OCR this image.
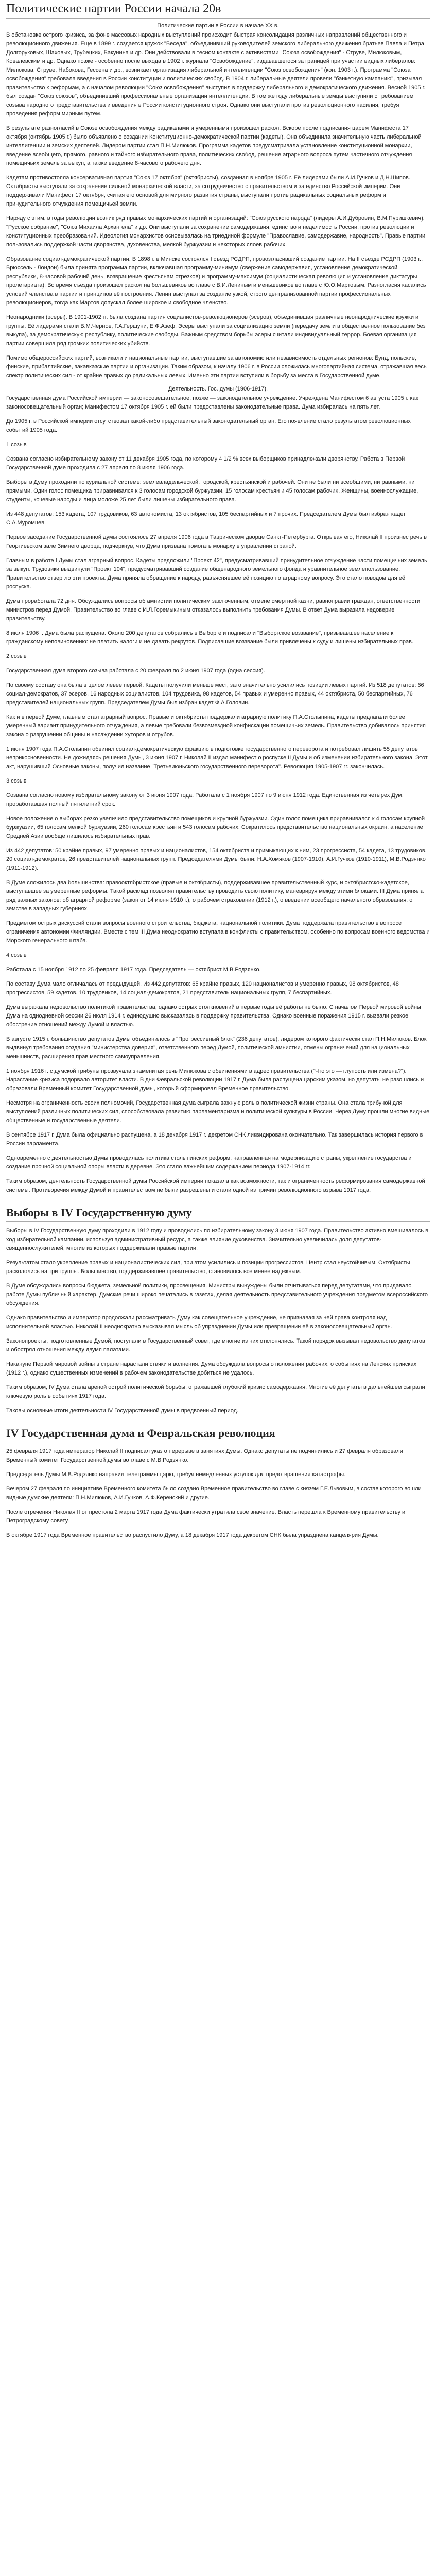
Политические партии России начала 20в
Политические партии в России в начале XX в.

В обстановке острого кризиса, за фоне массовых народных выступлений происходит быстрая консолидация различных направлений общественного и революционного движения. Еще в 1899 г. создается кружок "Беседа", объединивший руководителей земского либерального движения братьев Павла и Петра Долгоруковых, Шаховых, Трубецких, Бакунина и др. Они действовали в тесном контакте с активистами "Союза освобождения" - Струве, Милюковым, Ковалевским и др. Однако позже - особенно после выхода в 1902 г. журнала "Освобождение", издававшегося за границей при участии видных либералов: Милюкова, Струве, Набокова, Гессена и др., возникает организация либеральной интеллигенции "Союз освобождения" (кон. 1903 г.). Программа "Союза освобождения" требовала введения в России конституции и политических свобод. В 1904 г. либеральные деятели провели "банкетную кампанию", призывая правительство к реформам, а с началом революции "Союз освобождения" выступил в поддержку либерального и демократического движения. Весной 1905 г. был создан "Союз союзов", объединивший профессиональные организации интеллигенции. В том же году либеральные земцы выступили с требованием созыва народного представительства и введения в России конституционного строя. Однако они выступали против революционного насилия, требуя проведения реформ мирным путем.

В результате разногласий в Союзе освобождения между радикалами и умеренными произошел раскол. Вскоре после подписания царем Манифеста 17 октября (октябрь 1905 г.) было объявлено о создании Конституционно-демократической партии (кадеты). Она объединила значительную часть либеральной интеллигенции и земских деятелей. Лидером партии стал П.Н.Милюков. Программа кадетов предусматривала установление конституционной монархии, введение всеобщего, прямого, равного и тайного избирательного права, политических свобод, решение аграрного вопроса путем частичного отчуждения помещичьих земель за выкуп, а также введение 8-часового рабочего дня.

Кадетам противостояла консервативная партия "Союз 17 октября" (октябристы), созданная в ноябре 1905 г. Её лидерами были А.И.Гучков и Д.Н.Шипов. Октябристы выступали за сохранение сильной монархической власти, за сотрудничество с правительством и за единство Российской империи. Они поддерживали Манифест 17 октября, считая его основой для мирного развития страны, выступали против радикальных социальных реформ и принудительного отчуждения помещичьей земли.

Наряду с этим, в годы революции возник ряд правых монархических партий и организаций: "Союз русского народа" (лидеры А.И.Дубровин, В.М.Пуришкевич), "Русское собрание", "Союз Михаила Архангела" и др. Они выступали за сохранение самодержавия, единство и неделимость России, против революции и конституционных преобразований. Идеология монархистов основывалась на триединой формуле "Православие, самодержавие, народность". Правые партии пользовались поддержкой части дворянства, духовенства, мелкой буржуазии и некоторых слоев рабочих.

Образование социал-демократической партии. В 1898 г. в Минске состоялся I съезд РСДРП, провозгласивший создание партии. На II съезде РСДРП (1903 г., Брюссель - Лондон) была принята программа партии, включавшая программу-минимум (свержение самодержавия, установление демократической республики, 8-часовой рабочий день, возвращение крестьянам отрезков) и программу-максимум (социалистическая революция и установление диктатуры пролетариата). Во время съезда произошел раскол на большевиков во главе с В.И.Лениным и меньшевиков во главе с Ю.О.Мартовым. Разногласия касались условий членства в партии и принципов её построения. Ленин выступал за создание узкой, строго централизованной партии профессиональных революционеров, тогда как Мартов допускал более широкое и свободное членство.

Неонародники (эсеры). В 1901-1902 гг. была создана партия социалистов-революционеров (эсеров), объединившая различные неонароднические кружки и группы. Её лидерами стали В.М.Чернов, Г.А.Гершуни, Е.Ф.Азеф. Эсеры выступали за социализацию земли (передачу земли в общественное пользование без выкупа), за демократическую республику, политические свободы. Важным средством борьбы эсеры считали индивидуальный террор. Боевая организация партии совершила ряд громких политических убийств.

Помимо общероссийских партий, возникали и национальные партии, выступавшие за автономию или независимость отдельных регионов: Бунд, польские, финские, прибалтийские, закавказские партии и организации. Таким образом, к началу 1906 г. в России сложилась многопартийная система, отражавшая весь спектр политических сил - от крайне правых до радикальных левых. Именно эти партии вступили в борьбу за места в Государственной думе.

Деятельность. Гос. думы (1906-1917).

Государственная дума Российской империи — законосовещательное, позже — законодательное учреждение. Учреждена Манифестом 6 августа 1905 г. как законосовещательный орган; Манифестом 17 октября 1905 г. ей были предоставлены законодательные права. Дума избиралась на пять лет.

До 1905 г. в Российской империи отсутствовал какой-либо представительный законодательный орган. Его появление стало результатом революционных событий 1905 года.

1 созыв

Созвана согласно избирательному закону от 11 декабря 1905 года, по которому 4 1/2 % всех выборщиков принадлежали дворянству. Работа в Первой Государственной думе проходила с 27 апреля по 8 июля 1906 года.

Выборы в Думу проходили по куриальной системе: землевладельческой, городской, крестьянской и рабочей. Они не были ни всеобщими, ни равными, ни прямыми. Один голос помещика приравнивался к 3 голосам городской буржуазии, 15 голосам крестьян и 45 голосам рабочих. Женщины, военнослужащие, студенты, кочевые народы и лица моложе 25 лет были лишены избирательного права.

Из 448 депутатов: 153 кадета, 107 трудовиков, 63 автономиста, 13 октябристов, 105 беспартийных и 7 прочих. Председателем Думы был избран кадет С.А.Муромцев.

Первое заседание Государственной думы состоялось 27 апреля 1906 года в Таврическом дворце Санкт-Петербурга. Открывая его, Николай II произнес речь в Георгиевском зале Зимнего дворца, подчеркнув, что Дума призвана помогать монарху в управлении страной.

Главным в работе I Думы стал аграрный вопрос. Кадеты предложили "Проект 42", предусматривавший принудительное отчуждение части помещичьих земель за выкуп. Трудовики выдвинули "Проект 104", предусматривавший создание общенародного земельного фонда и уравнительное землепользование. Правительство отвергло эти проекты. Дума приняла обращение к народу, разъяснявшее её позицию по аграрному вопросу. Это стало поводом для её роспуска.

Дума проработала 72 дня. Обсуждались вопросы об амнистии политическим заключенным, отмене смертной казни, равноправии граждан, ответственности министров перед Думой. Правительство во главе с И.Л.Горемыкиным отказалось выполнить требования Думы. В ответ Дума выразила недоверие правительству.

8 июля 1906 г. Дума была распущена. Около 200 депутатов собрались в Выборге и подписали "Выборгское воззвание", призывавшее население к гражданскому неповиновению: не платить налоги и не давать рекрутов. Подписавшие воззвание были привлечены к суду и лишены избирательных прав.

2 созыв

Государственная дума второго созыва работала с 20 февраля по 2 июня 1907 года (одна сессия).

По своему составу она была в целом левее первой. Кадеты получили меньше мест, зато значительно усилились позиции левых партий. Из 518 депутатов: 66 социал-демократов, 37 эсеров, 16 народных социалистов, 104 трудовика, 98 кадетов, 54 правых и умеренно правых, 44 октябриста, 50 беспартийных, 76 представителей национальных групп. Председателем Думы был избран кадет Ф.А.Головин.

Как и в первой Думе, главным стал аграрный вопрос. Правые и октябристы поддержали аграрную политику П.А.Столыпина, кадеты предлагали более умеренный вариант принудительного отчуждения, а левые требовали безвозмездной конфискации помещичьих земель. Правительство добивалось принятия закона о разрушении общины и насаждении хуторов и отрубов.

1 июня 1907 года П.А.Столыпин обвинил социал-демократическую фракцию в подготовке государственного переворота и потребовал лишить 55 депутатов неприкосновенности. Не дожидаясь решения Думы, 3 июня 1907 г. Николай II издал манифест о роспуске II Думы и об изменении избирательного закона. Этот акт, нарушивший Основные законы, получил название "Третьеиюньского государственного переворота". Революция 1905-1907 гг. закончилась.

3 созыв

Созвана согласно новому избирательному закону от 3 июня 1907 года. Работала с 1 ноября 1907 по 9 июня 1912 года. Единственная из четырех Дум, проработавшая полный пятилетний срок.

Новое положение о выборах резко увеличило представительство помещиков и крупной буржуазии. Один голос помещика приравнивался к 4 голосам крупной буржуазии, 65 голосам мелкой буржуазии, 260 голосам крестьян и 543 голосам рабочих. Сократилось представительство национальных окраин, а население Средней Азии вообще лишилось избирательных прав.

Из 442 депутатов: 50 крайне правых, 97 умеренно правых и националистов, 154 октябриста и примыкающих к ним, 23 прогрессиста, 54 кадета, 13 трудовиков, 20 социал-демократов, 26 представителей национальных групп. Председателями Думы были: Н.А.Хомяков (1907-1910), А.И.Гучков (1910-1911), М.В.Родзянко (1911-1912).

В Думе сложилось два большинства: правооктябристское (правые и октябристы), поддерживавшее правительственный курс, и октябристско-кадетское, выступавшее за умеренные реформы. Такой расклад позволял правительству проводить свою политику, маневрируя между этими блоками. III Дума приняла ряд важных законов: об аграрной реформе (закон от 14 июня 1910 г.), о рабочем страховании (1912 г.), о введении всеобщего начального образования, о земстве в западных губерниях.

Предметом острых дискуссий стали вопросы военного строительства, бюджета, национальной политики. Дума поддержала правительство в вопросе ограничения автономии Финляндии. Вместе с тем III Дума неоднократно вступала в конфликты с правительством, особенно по вопросам военного ведомства и Морского генерального штаба.

4 созыв

Работала с 15 ноября 1912 по 25 февраля 1917 года. Председатель — октябрист М.В.Родзянко.

По составу Дума мало отличалась от предыдущей. Из 442 депутатов: 65 крайне правых, 120 националистов и умеренно правых, 98 октябристов, 48 прогрессистов, 59 кадетов, 10 трудовиков, 14 социал-демократов, 21 представитель национальных групп, 7 беспартийных.

Дума выражала недовольство политикой правительства, однако острых столкновений в первые годы её работы не было. С началом Первой мировой войны Дума на однодневной сессии 26 июля 1914 г. единодушно высказалась в поддержку правительства. Однако военные поражения 1915 г. вызвали резкое обострение отношений между Думой и властью.

В августе 1915 г. большинство депутатов Думы объединилось в "Прогрессивный блок" (236 депутатов), лидером которого фактически стал П.Н.Милюков. Блок выдвинул требования создания "министерства доверия", ответственного перед Думой, политической амнистии, отмены ограничений для национальных меньшинств, расширения прав местного самоуправления.

1 ноября 1916 г. с думской трибуны прозвучала знаменитая речь Милюкова с обвинениями в адрес правительства ("Что это — глупость или измена?"). Нарастание кризиса подорвало авторитет власти. В дни Февральской революции 1917 г. Дума была распущена царским указом, но депутаты не разошлись и образовали Временный комитет Государственной думы, который сформировал Временное правительство.

Несмотря на ограниченность своих полномочий, Государственная дума сыграла важную роль в политической жизни страны. Она стала трибуной для выступлений различных политических сил, способствовала развитию парламентаризма и политической культуры в России. Через Думу прошли многие видные общественные и государственные деятели.

В сентябре 1917 г. Дума была официально распущена, а 18 декабря 1917 г. декретом СНК ликвидирована окончательно. Так завершилась история первого в России парламента.

Одновременно с деятельностью Думы проводилась политика столыпинских реформ, направленная на модернизацию страны, укрепление государства и создание прочной социальной опоры власти в деревне. Это стало важнейшим содержанием периода 1907-1914 гг.

Таким образом, деятельность Государственной думы Российской империи показала как возможности, так и ограниченность реформирования самодержавной системы. Противоречия между Думой и правительством не были разрешены и стали одной из причин революционного взрыва 1917 года.

Выборы в IV Государственную думу

Выборы в IV Государственную думу проходили в 1912 году и проводились по избирательному закону 3 июня 1907 года. Правительство активно вмешивалось в ход избирательной кампании, используя административный ресурс, а также влияние духовенства. Значительно увеличилась доля депутатов-священнослужителей, многие из которых поддерживали правые партии.

Результатом стало укрепление правых и националистических сил, при этом усилились и позиции прогрессистов. Центр стал неустойчивым. Октябристы раскололись на три группы. Большинство, поддерживавшее правительство, становилось все менее надежным.

В Думе обсуждались вопросы бюджета, земельной политики, просвещения. Министры вынуждены были отчитываться перед депутатами, что придавало работе Думы публичный характер. Думские речи широко печатались в газетах, делая деятельность представительного учреждения предметом всероссийского обсуждения.

Однако правительство и император продолжали рассматривать Думу как совещательное учреждение, не признавая за ней права контроля над исполнительной властью. Николай II неоднократно высказывал мысль об упразднении Думы или превращении её в законосовещательный орган.

Законопроекты, подготовленные Думой, поступали в Государственный совет, где многие из них отклонялись. Такой порядок вызывал недовольство депутатов и обострял отношения между двумя палатами.

Накануне Первой мировой войны в стране нарастали стачки и волнения. Дума обсуждала вопросы о положении рабочих, о событиях на Ленских приисках (1912 г.), однако существенных изменений в рабочем законодательстве добиться не удалось.

Таким образом, IV Дума стала ареной острой политической борьбы, отражавшей глубокий кризис самодержавия. Многие её депутаты в дальнейшем сыграли ключевую роль в событиях 1917 года.

Таковы основные итоги деятельности IV Государственной думы в предвоенный период.

IV Государственная дума и Февральская революция

25 февраля 1917 года император Николай II подписал указ о перерыве в занятиях Думы. Однако депутаты не подчинились и 27 февраля образовали Временный комитет Государственной думы во главе с М.В.Родзянко.

Председатель Думы М.В.Родзянко направил телеграммы царю, требуя немедленных уступок для предотвращения катастрофы.

Вечером 27 февраля по инициативе Временного комитета было создано Временное правительство во главе с князем Г.Е.Львовым, в состав которого вошли видные думские деятели: П.Н.Милюков, А.И.Гучков, А.Ф.Керенский и другие.

После отречения Николая II от престола 2 марта 1917 года Дума фактически утратила своё значение. Власть перешла к Временному правительству и Петроградскому совету.

В октябре 1917 года Временное правительство распустило Думу, а 18 декабря 1917 года декретом СНК была упразднена канцелярия Думы.
